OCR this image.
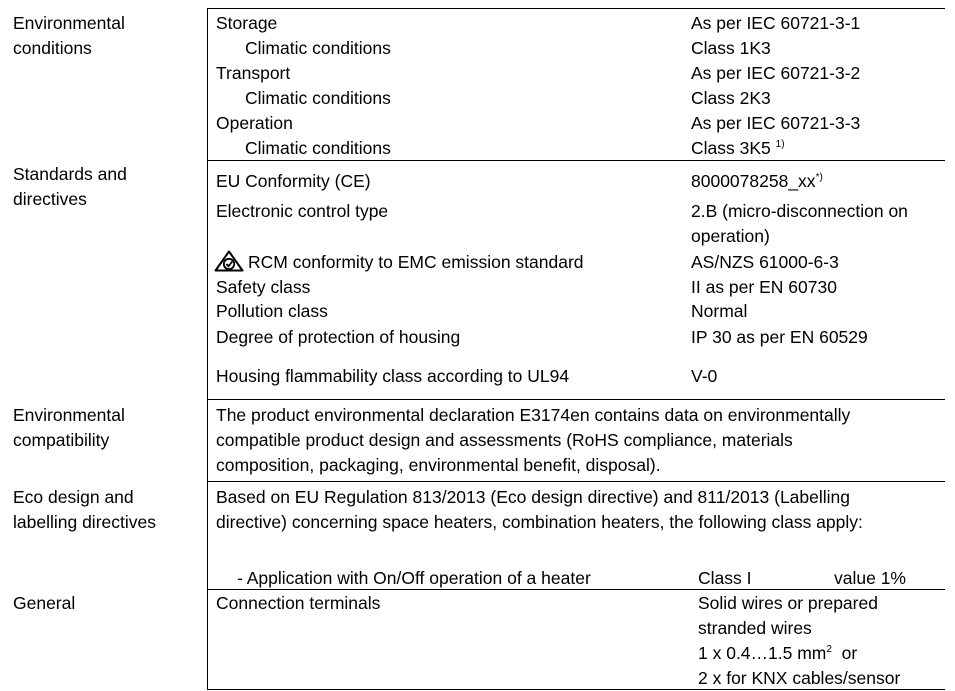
Environmental
conditions
Storage	As per IEC 60721-3-1
Climatic conditions	Class 1K3
Transport	As per IEC 60721-3-2
Climatic conditions	Class 2K3
Operation	As per IEC 60721-3-3
Climatic conditions	Class 3K5 $^{1)}$
Standards and
directives
EU Conformity (CE)	8000078258_xx*)
Electronic control type	2.B (micro-disconnection on
operation)
RCM conformity to EMC emission standard	AS/NZS 61000-6-3
Safety class	II as per EN 60730
Pollution class	Normal
Degree of protection of housing	IP 30 as per EN 60529
Housing flammability class according to UL94	V-0
Environmental
compatibility
The product environmental declaration E3174en contains data on environmentally
compatible product design and assessments (RoHS compliance, materials
composition, packaging, environmental benefit, disposal).
Eco design and
labelling directives
Based on EU Regulation 813/2013 (Eco design directive) and 811/2013 (Labelling
directive) concerning space heaters, combination heaters, the following class apply:
- Application with On/Off operation of a heater	Class I	value 1%
General	Connection terminals	Solid wires or prepared
stranded wires
1 x 0.4…1.5 $mm^2$  or
2 x for KNX cables/sensor
